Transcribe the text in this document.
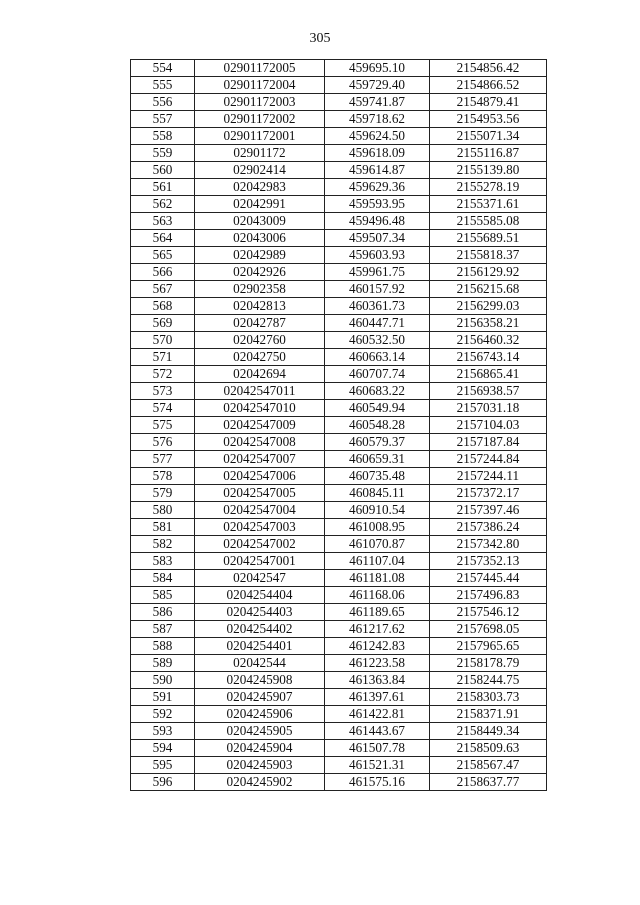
305
554	02901172005	459695.10	2154856.42
555	02901172004	459729.40	2154866.52
556	02901172003	459741.87	2154879.41
557	02901172002	459718.62	2154953.56
558	02901172001	459624.50	2155071.34
559	02901172	459618.09	2155116.87
560	02902414	459614.87	2155139.80
561	02042983	459629.36	2155278.19
562	02042991	459593.95	2155371.61
563	02043009	459496.48	2155585.08
564	02043006	459507.34	2155689.51
565	02042989	459603.93	2155818.37
566	02042926	459961.75	2156129.92
567	02902358	460157.92	2156215.68
568	02042813	460361.73	2156299.03
569	02042787	460447.71	2156358.21
570	02042760	460532.50	2156460.32
571	02042750	460663.14	2156743.14
572	02042694	460707.74	2156865.41
573	02042547011	460683.22	2156938.57
574	02042547010	460549.94	2157031.18
575	02042547009	460548.28	2157104.03
576	02042547008	460579.37	2157187.84
577	02042547007	460659.31	2157244.84
578	02042547006	460735.48	2157244.11
579	02042547005	460845.11	2157372.17
580	02042547004	460910.54	2157397.46
581	02042547003	461008.95	2157386.24
582	02042547002	461070.87	2157342.80
583	02042547001	461107.04	2157352.13
584	02042547	461181.08	2157445.44
585	0204254404	461168.06	2157496.83
586	0204254403	461189.65	2157546.12
587	0204254402	461217.62	2157698.05
588	0204254401	461242.83	2157965.65
589	02042544	461223.58	2158178.79
590	0204245908	461363.84	2158244.75
591	0204245907	461397.61	2158303.73
592	0204245906	461422.81	2158371.91
593	0204245905	461443.67	2158449.34
594	0204245904	461507.78	2158509.63
595	0204245903	461521.31	2158567.47
596	0204245902	461575.16	2158637.77
